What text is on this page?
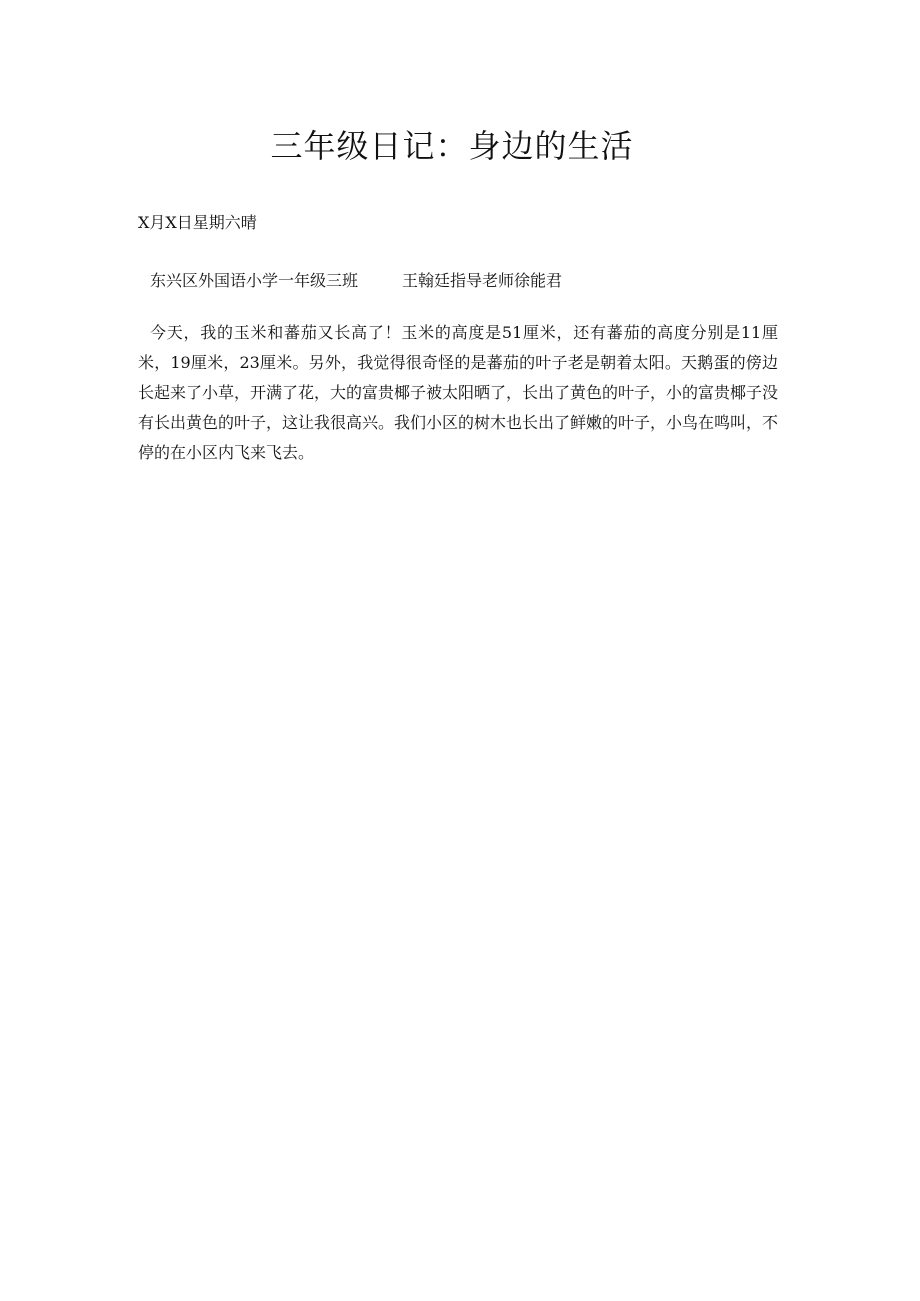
三年级日记：身边的生活
X月X日星期六晴
东兴区外国语小学一年级三班	王翰廷指导老师徐能君

今天，我的玉米和蕃茄又长高了！玉米的高度是51厘米，还有蕃茄的高度分别是11厘米，19厘米，23厘米。另外，我觉得很奇怪的是蕃茄的叶子老是朝着太阳。天鹅蛋的傍边长起来了小草，开满了花，大的富贵椰子被太阳晒了，长出了黄色的叶子，小的富贵椰子没有长出黄色的叶子，这让我很高兴。我们小区的树木也长出了鲜嫩的叶子，小鸟在鸣叫，不停的在小区内飞来飞去。
